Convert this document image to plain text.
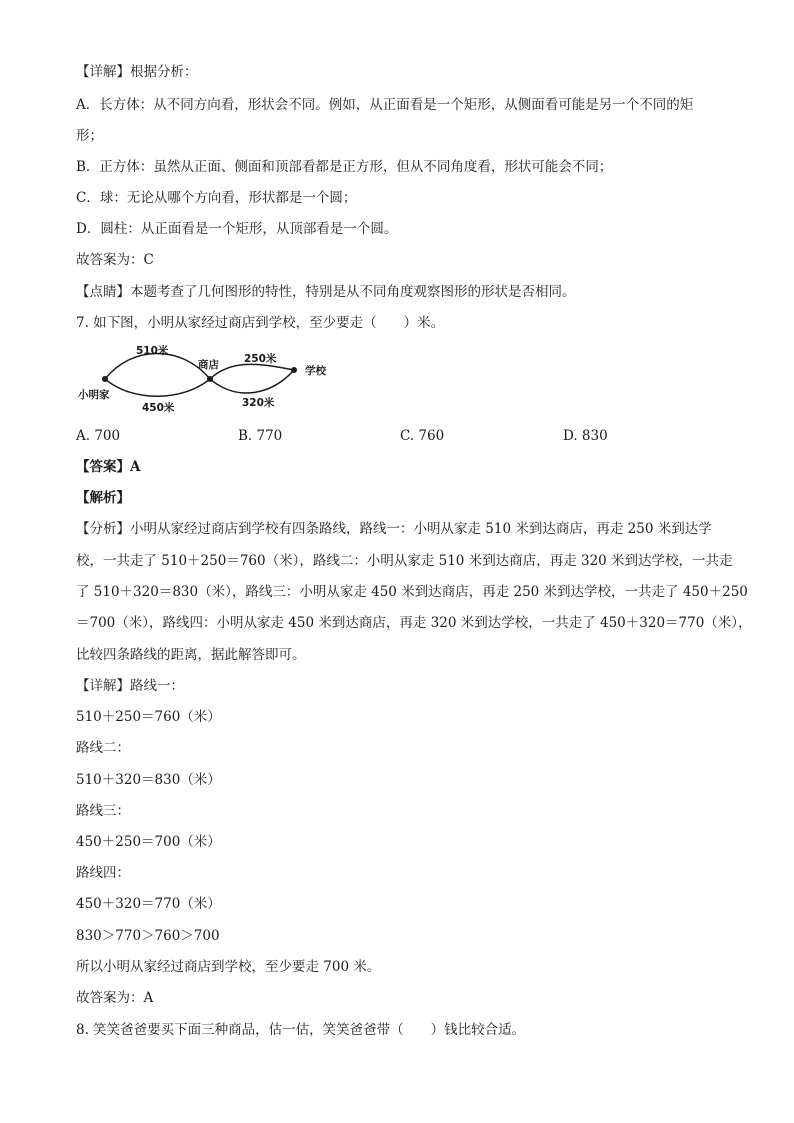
【详解】根据分析：
A．长方体：从不同方向看，形状会不同。例如，从正面看是一个矩形，从侧面看可能是另一个不同的矩
形；
B．正方体：虽然从正面、侧面和顶部看都是正方形，但从不同角度看，形状可能会不同；
C．球：无论从哪个方向看，形状都是一个圆；
D．圆柱：从正面看是一个矩形，从顶部看是一个圆。
故答案为：C
【点睛】本题考查了几何图形的特性，特别是从不同角度观察图形的形状是否相同。
7. 如下图，小明从家经过商店到学校，至少要走（　　）米。
小明家
商店	学校
510米
450米
250米
320米
A. 700	B. 770	C. 760	D. 830
【答案】A
【解析】
【分析】小明从家经过商店到学校有四条路线，路线一：小明从家走 510 米到达商店，再走 250 米到达学
校，一共走了 510＋250＝760（米），路线二：小明从家走 510 米到达商店，再走 320 米到达学校，一共走
了 510＋320＝830（米），路线三：小明从家走 450 米到达商店，再走 250 米到达学校，一共走了 450＋250
＝700（米），路线四：小明从家走 450 米到达商店，再走 320 米到达学校，一共走了 450＋320＝770（米），
比较四条路线的距离，据此解答即可。
【详解】路线一：
510＋250＝760（米）
路线二：
510＋320＝830（米）
路线三：
450＋250＝700（米）
路线四：
450＋320＝770（米）
830＞770＞760＞700
所以小明从家经过商店到学校，至少要走 700 米。
故答案为：A
8. 笑笑爸爸要买下面三种商品，估一估，笑笑爸爸带（　　）钱比较合适。
